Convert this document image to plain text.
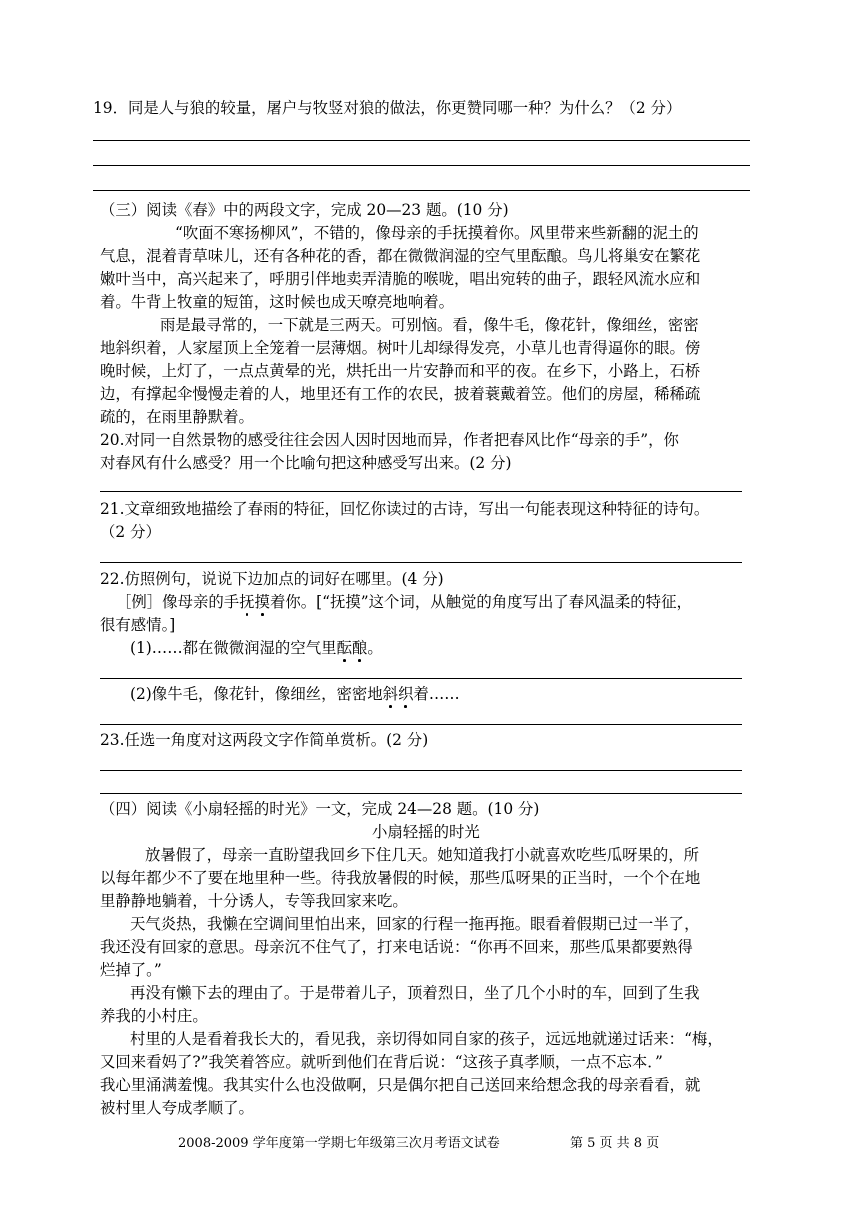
19．同是人与狼的较量，屠户与牧竖对狼的做法，你更赞同哪一种？为什么？（2 分）
（三）阅读《春》中的两段文字，完成 20—23 题。(10 分)
“吹面不寒扬柳风”，不错的，像母亲的手抚摸着你。风里带来些新翻的泥土的
气息，混着青草味儿，还有各种花的香，都在微微润湿的空气里酝酿。鸟儿将巢安在繁花
嫩叶当中，高兴起来了，呼朋引伴地卖弄清脆的喉咙，唱出宛转的曲子，跟轻风流水应和
着。牛背上牧童的短笛，这时候也成天嘹亮地响着。
雨是最寻常的，一下就是三两天。可别恼。看，像牛毛，像花针，像细丝，密密
地斜织着，人家屋顶上全笼着一层薄烟。树叶儿却绿得发亮，小草儿也青得逼你的眼。傍
晚时候，上灯了，一点点黄晕的光，烘托出一片安静而和平的夜。在乡下，小路上，石桥
边，有撑起伞慢慢走着的人，地里还有工作的农民，披着蓑戴着笠。他们的房屋，稀稀疏
疏的，在雨里静默着。
20.对同一自然景物的感受往往会因人因时因地而异，作者把春风比作“母亲的手”，你
对春风有什么感受？用一个比喻句把这种感受写出来。(2 分)
21.文章细致地描绘了春雨的特征，回忆你读过的古诗，写出一句能表现这种特征的诗句。
（2 分）
22.仿照例句，说说下边加点的词好在哪里。(4 分)
［例］像母亲的手抚摸着你。[“抚摸”这个词，从触觉的角度写出了春风温柔的特征，
很有感情。]
(1)……都在微微润湿的空气里酝酿。
(2)像牛毛，像花针，像细丝，密密地斜织着……
23.任选一角度对这两段文字作简单赏析。(2 分)
（四）阅读《小扇轻摇的时光》一文，完成 24—28 题。(10 分)
小扇轻摇的时光
放暑假了，母亲一直盼望我回乡下住几天。她知道我打小就喜欢吃些瓜呀果的，所
以每年都少不了要在地里种一些。待我放暑假的时候，那些瓜呀果的正当时，一个个在地
里静静地躺着，十分诱人，专等我回家来吃。
天气炎热，我懒在空调间里怕出来，回家的行程一拖再拖。眼看着假期已过一半了，
我还没有回家的意思。母亲沉不住气了，打来电话说：“你再不回来，那些瓜果都要熟得
烂掉了。”
再没有懒下去的理由了。于是带着儿子，顶着烈日，坐了几个小时的车，回到了生我
养我的小村庄。
村里的人是看着我长大的，看见我，亲切得如同自家的孩子，远远地就递过话来：“梅，
又回来看妈了?”我笑着答应。就听到他们在背后说：“这孩子真孝顺，一点不忘本．”
我心里涌满羞愧。我其实什么也没做啊，只是偶尔把自己送回来给想念我的母亲看看，就
被村里人夸成孝顺了。
2008-2009 学年度第一学期七年级第三次月考语文试卷	第 5 页 共 8 页
